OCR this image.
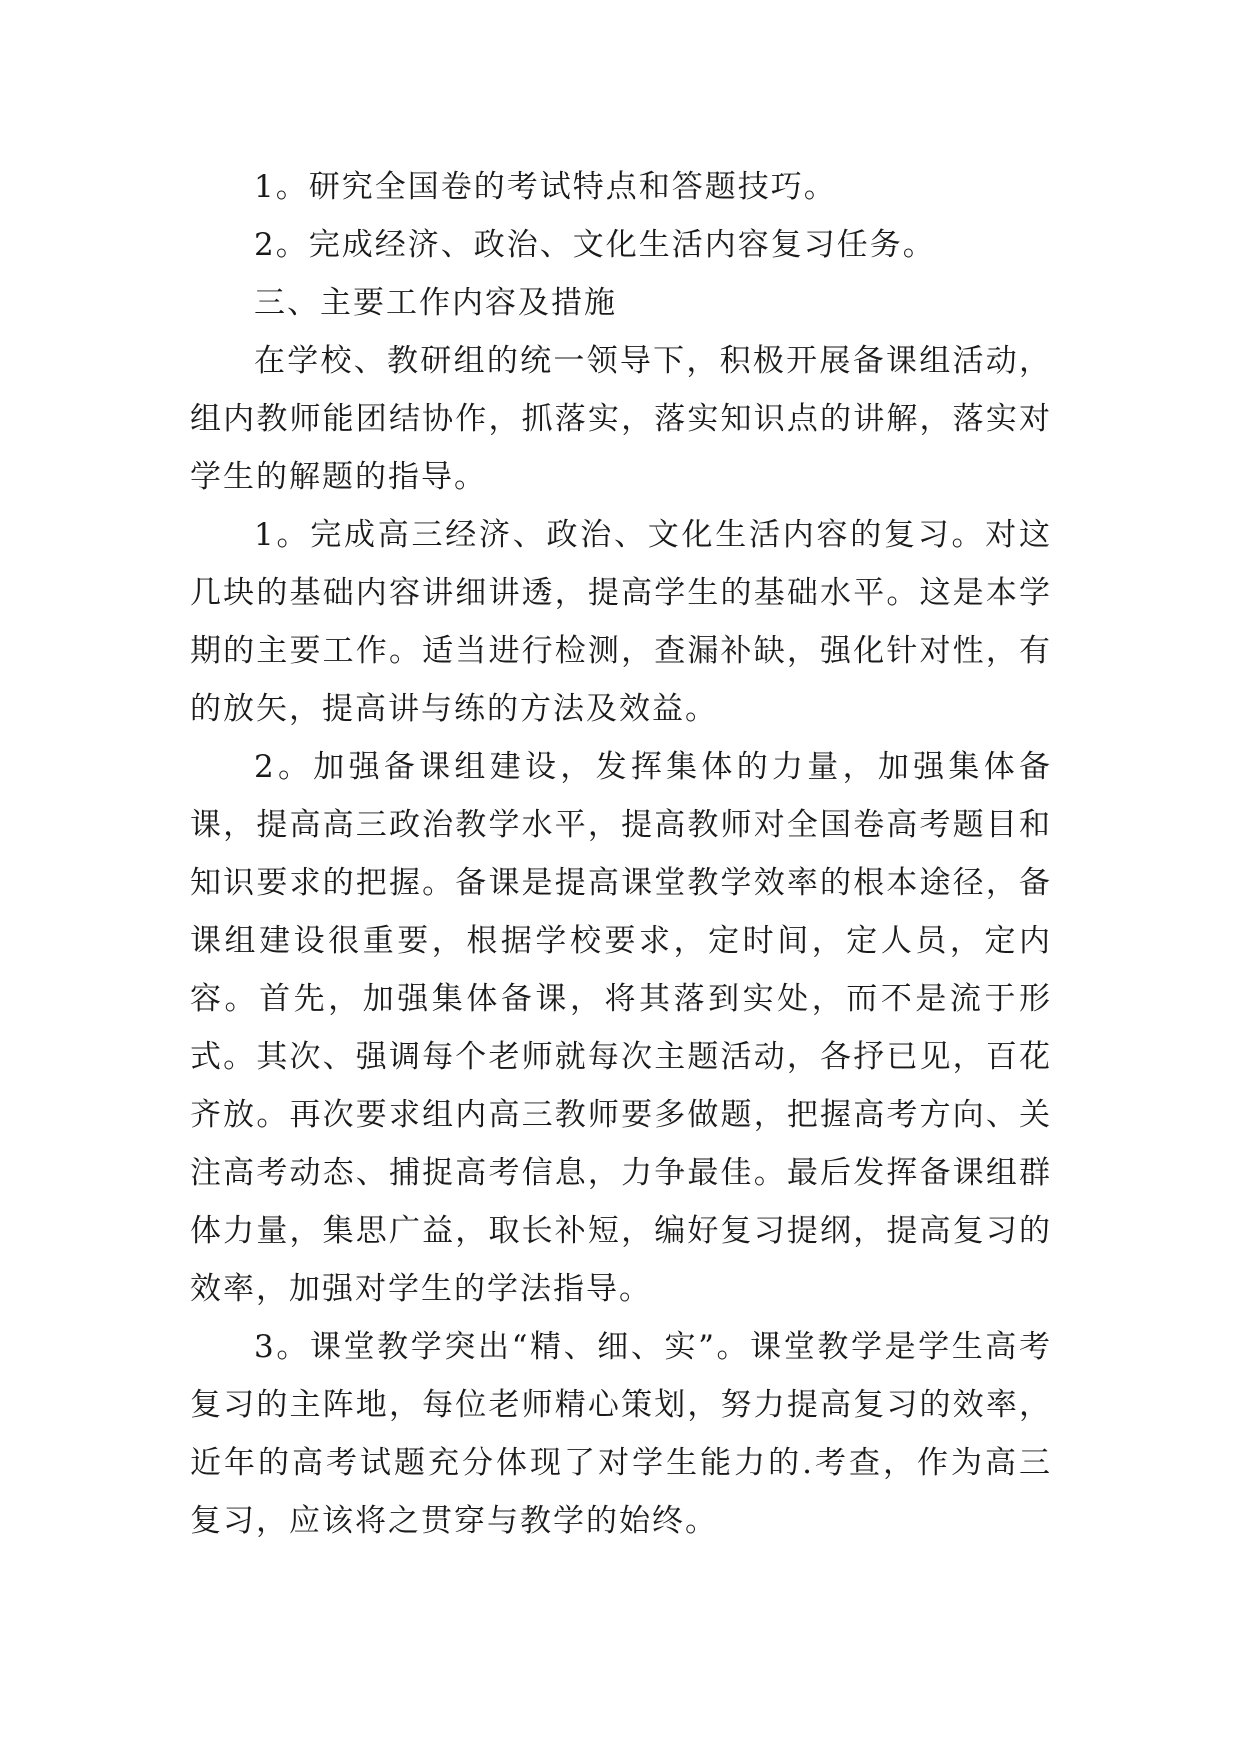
1。研究全国卷的考试特点和答题技巧。

2。完成经济、政治、文化生活内容复习任务。

三、主要工作内容及措施

在学校、教研组的统一领导下，积极开展备课组活动，组内教师能团结协作，抓落实，落实知识点的讲解，落实对学生的解题的指导。

1。完成高三经济、政治、文化生活内容的复习。对这几块的基础内容讲细讲透，提高学生的基础水平。这是本学期的主要工作。适当进行检测，查漏补缺，强化针对性，有的放矢，提高讲与练的方法及效益。

2。加强备课组建设，发挥集体的力量，加强集体备课，提高高三政治教学水平，提高教师对全国卷高考题目和知识要求的把握。备课是提高课堂教学效率的根本途径，备课组建设很重要，根据学校要求，定时间，定人员，定内容。首先，加强集体备课，将其落到实处，而不是流于形式。其次、强调每个老师就每次主题活动，各抒已见，百花齐放。再次要求组内高三教师要多做题，把握高考方向、关注高考动态、捕捉高考信息，力争最佳。最后发挥备课组群体力量，集思广益，取长补短，编好复习提纲，提高复习的效率，加强对学生的学法指导。

3。课堂教学突出“精、细、实”。课堂教学是学生高考复习的主阵地，每位老师精心策划，努力提高复习的效率，近年的高考试题充分体现了对学生能力的.考查，作为高三复习，应该将之贯穿与教学的始终。
